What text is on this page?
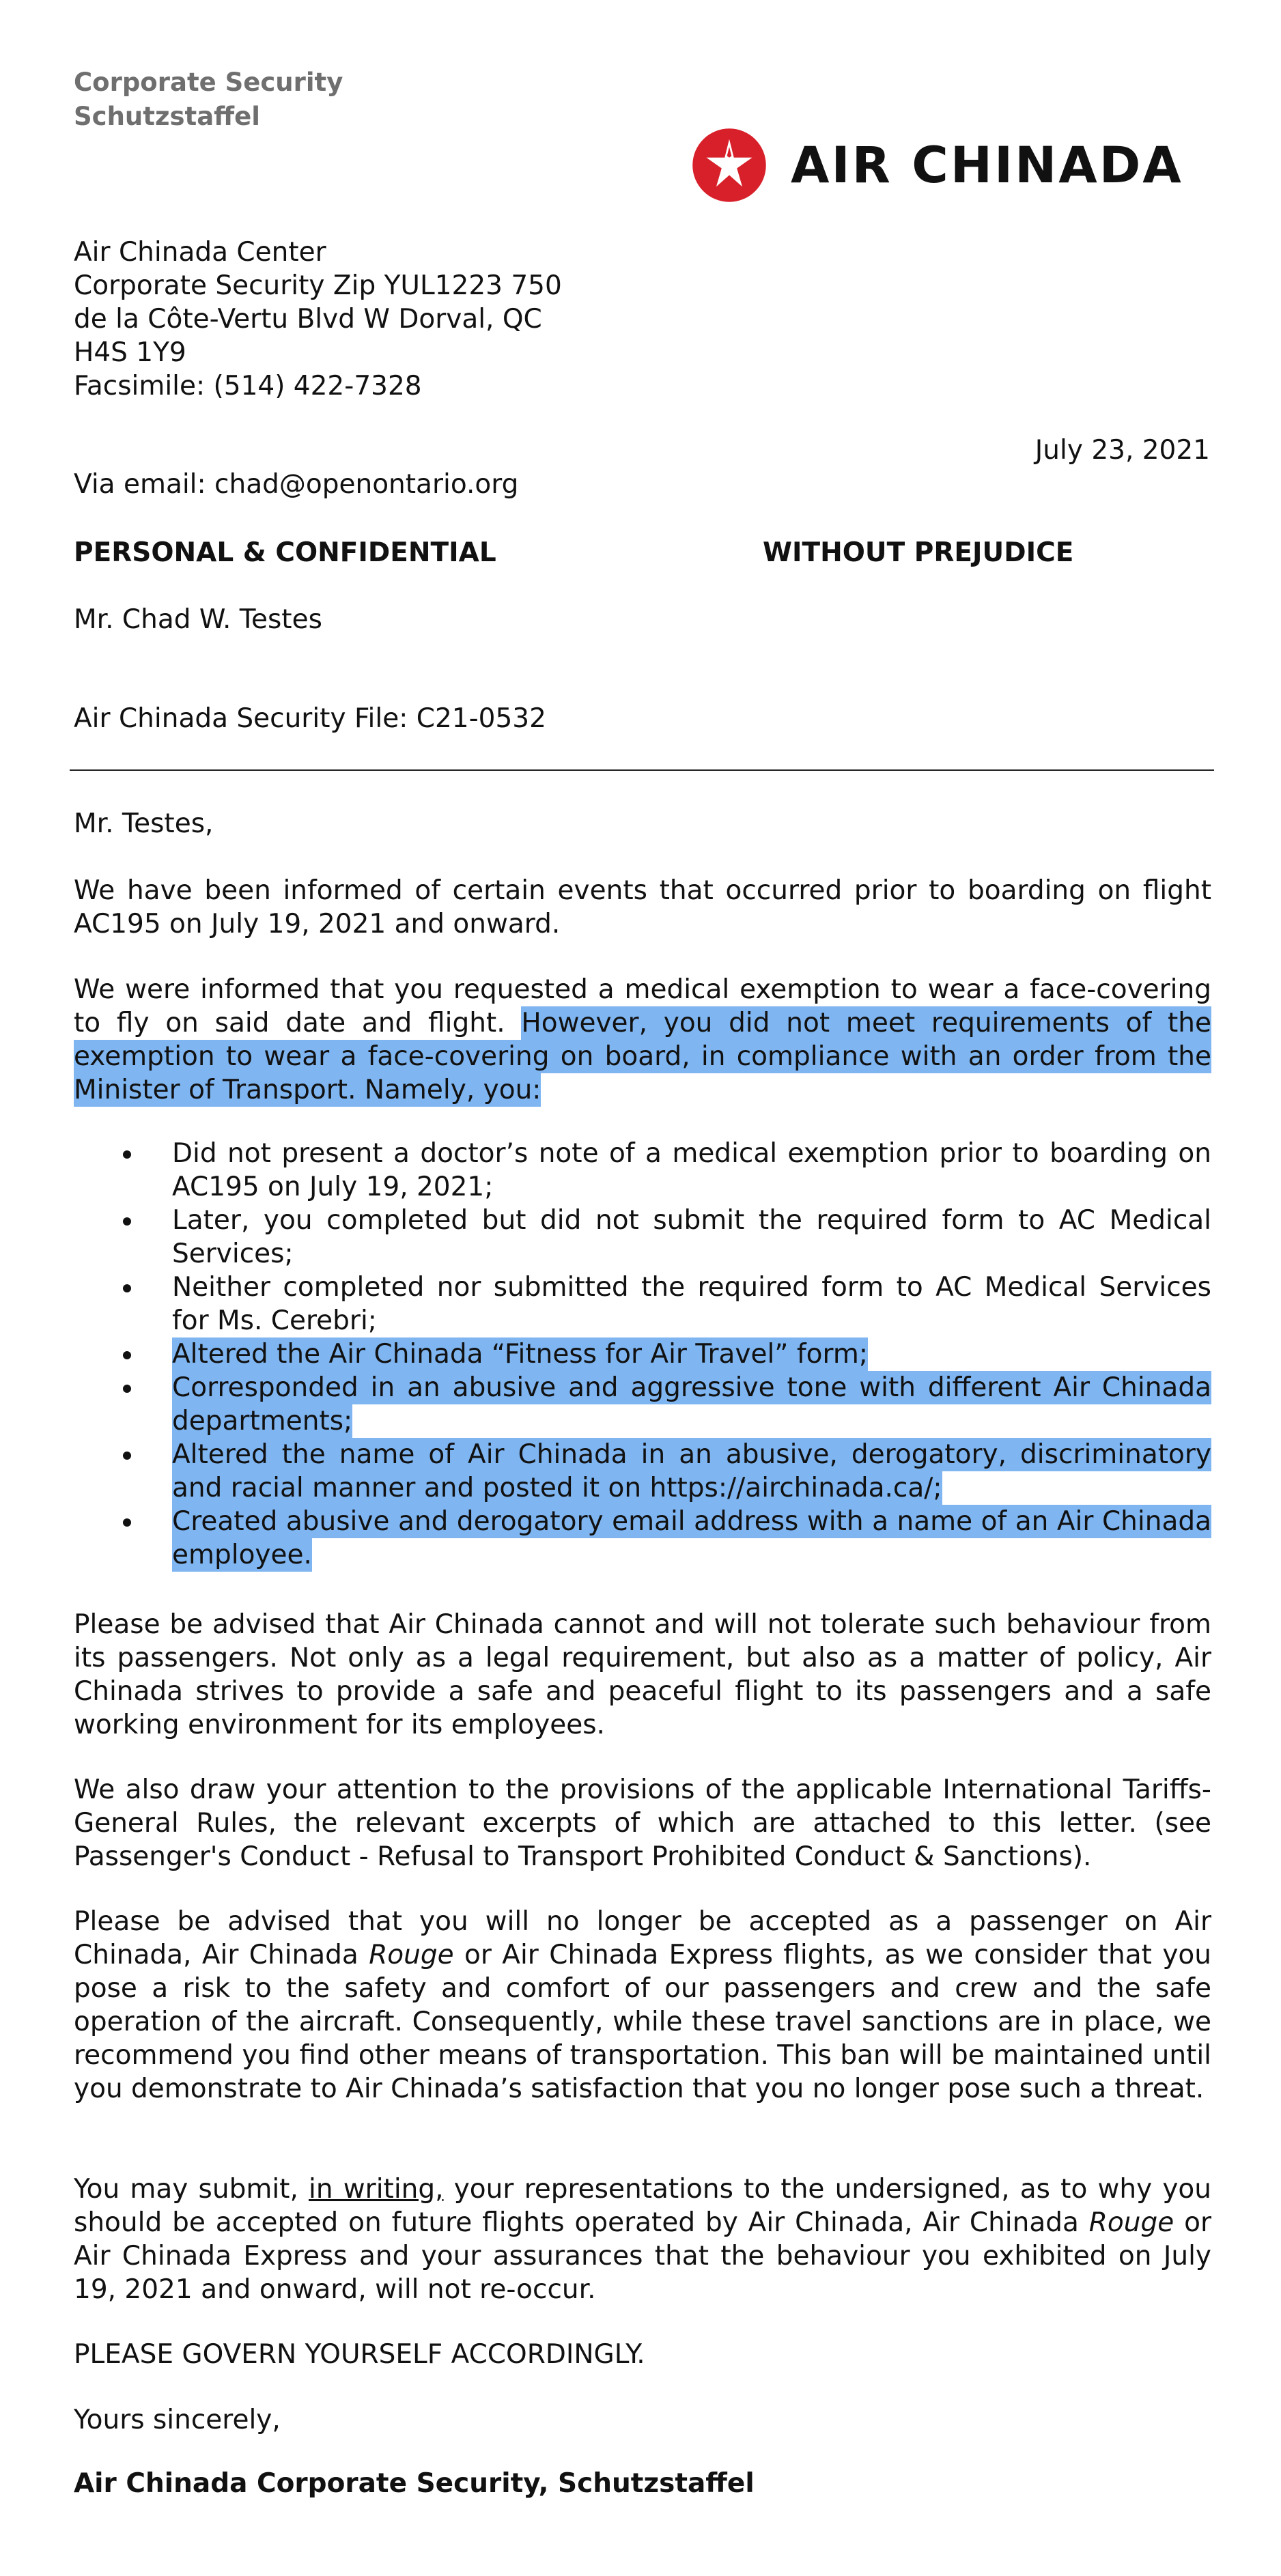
Corporate Security
Schutzstaffel
AIR CHINADA
Air Chinada Center
Corporate Security Zip YUL1223 750
de la Côte-Vertu Blvd W Dorval, QC
H4S 1Y9
Facsimile: (514) 422-7328
July 23, 2021
Via email: chad@openontario.org
PERSONAL & CONFIDENTIAL	WITHOUT PREJUDICE
Mr. Chad W. Testes
Air Chinada Security File: C21-0532
Mr. Testes,
We have been informed of certain events that occurred prior to boarding on flight AC195 on July 19, 2021 and onward.
We were informed that you requested a medical exemption to wear a face-covering to fly on said date and flight. However, you did not meet requirements of the exemption to wear a face-covering on board, in compliance with an order from the Minister of Transport. Namely, you:
Did not present a doctor’s note of a medical exemption prior to boarding on AC195 on July 19, 2021;
Later, you completed but did not submit the required form to AC Medical Services;
Neither completed nor submitted the required form to AC Medical Services for Ms. Cerebri;
Altered the Air Chinada “Fitness for Air Travel” form;
Corresponded in an abusive and aggressive tone with different Air Chinada departments;
Altered the name of Air Chinada in an abusive, derogatory, discriminatory and racial manner and posted it on https://airchinada.ca/;
Created abusive and derogatory email address with a name of an Air Chinada employee.
Please be advised that Air Chinada cannot and will not tolerate such behaviour from its passengers. Not only as a legal requirement, but also as a matter of policy, Air Chinada strives to provide a safe and peaceful flight to its passengers and a safe working environment for its employees.
We also draw your attention to the provisions of the applicable International Tariffs- General Rules, the relevant excerpts of which are attached to this letter. (see Passenger's Conduct - Refusal to Transport Prohibited Conduct & Sanctions).
Please be advised that you will no longer be accepted as a passenger on Air Chinada, Air Chinada Rouge or Air Chinada Express flights, as we consider that you pose a risk to the safety and comfort of our passengers and crew and the safe operation of the aircraft. Consequently, while these travel sanctions are in place, we recommend you find other means of transportation. This ban will be maintained until you demonstrate to Air Chinada’s satisfaction that you no longer pose such a threat.
You may submit, in writing, your representations to the undersigned, as to why you should be accepted on future flights operated by Air Chinada, Air Chinada Rouge or Air Chinada Express and your assurances that the behaviour you exhibited on July 19, 2021 and onward, will not re-occur.
PLEASE GOVERN YOURSELF ACCORDINGLY.
Yours sincerely,
Air Chinada Corporate Security, Schutzstaffel
